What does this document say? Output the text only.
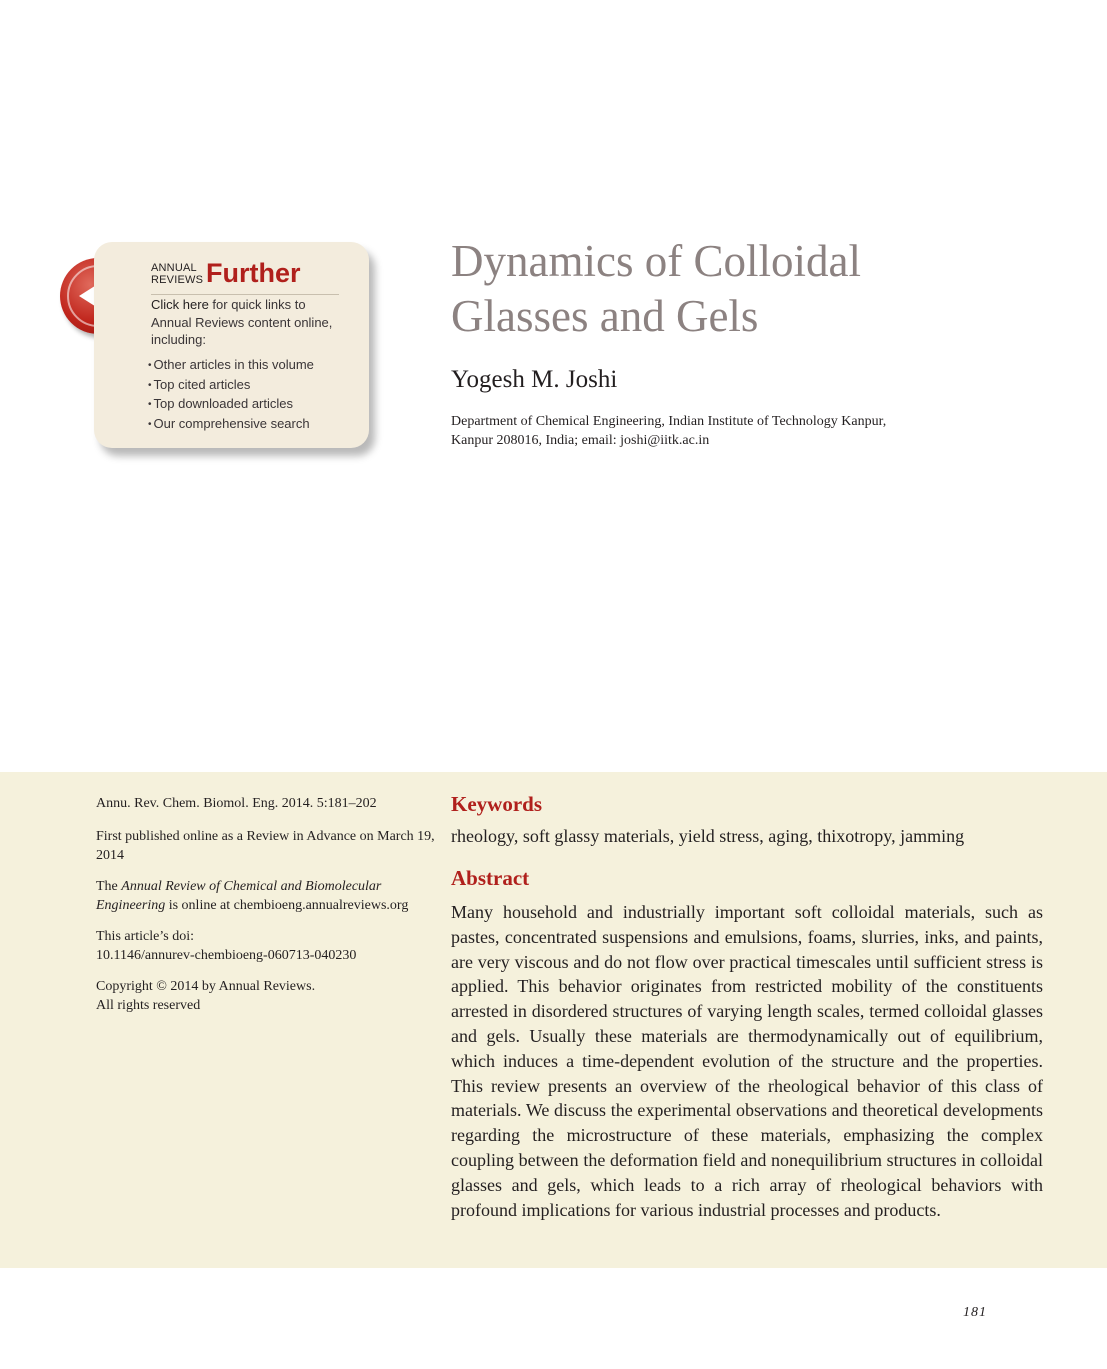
ANNUAL
REVIEWS Further
Click here for quick links to Annual Reviews content online, including:
• Other articles in this volume
• Top cited articles
• Top downloaded articles
• Our comprehensive search
Dynamics of Colloidal
Glasses and Gels
Yogesh M. Joshi
Department of Chemical Engineering, Indian Institute of Technology Kanpur,
Kanpur 208016, India; email: joshi@iitk.ac.in

Annu. Rev. Chem. Biomol. Eng. 2014. 5:181–202

First published online as a Review in Advance on March 19, 2014

The Annual Review of Chemical and Biomolecular Engineering is online at chembioeng.annualreviews.org

This article’s doi:
10.1146/annurev-chembioeng-060713-040230

Copyright © 2014 by Annual Reviews.
All rights reserved

Keywords
rheology, soft glassy materials, yield stress, aging, thixotropy, jamming
Abstract

Many household and industrially important soft colloidal materials, such as pastes, concentrated suspensions and emulsions, foams, slurries, inks, and paints, are very viscous and do not flow over practical timescales until sufficient stress is applied. This behavior originates from restricted mobility of the constituents arrested in disordered structures of varying length scales, termed colloidal glasses and gels. Usually these materials are thermodynamically out of equilibrium, which induces a time-dependent evolution of the structure and the properties. This review presents an overview of the rheological behavior of this class of materials. We discuss the experimental observations and theoretical developments regarding the microstructure of these materials, emphasizing the complex coupling between the deformation field and nonequilibrium structures in colloidal glasses and gels, which leads to a rich array of rheological behaviors with profound implications for various industrial processes and products.

181
